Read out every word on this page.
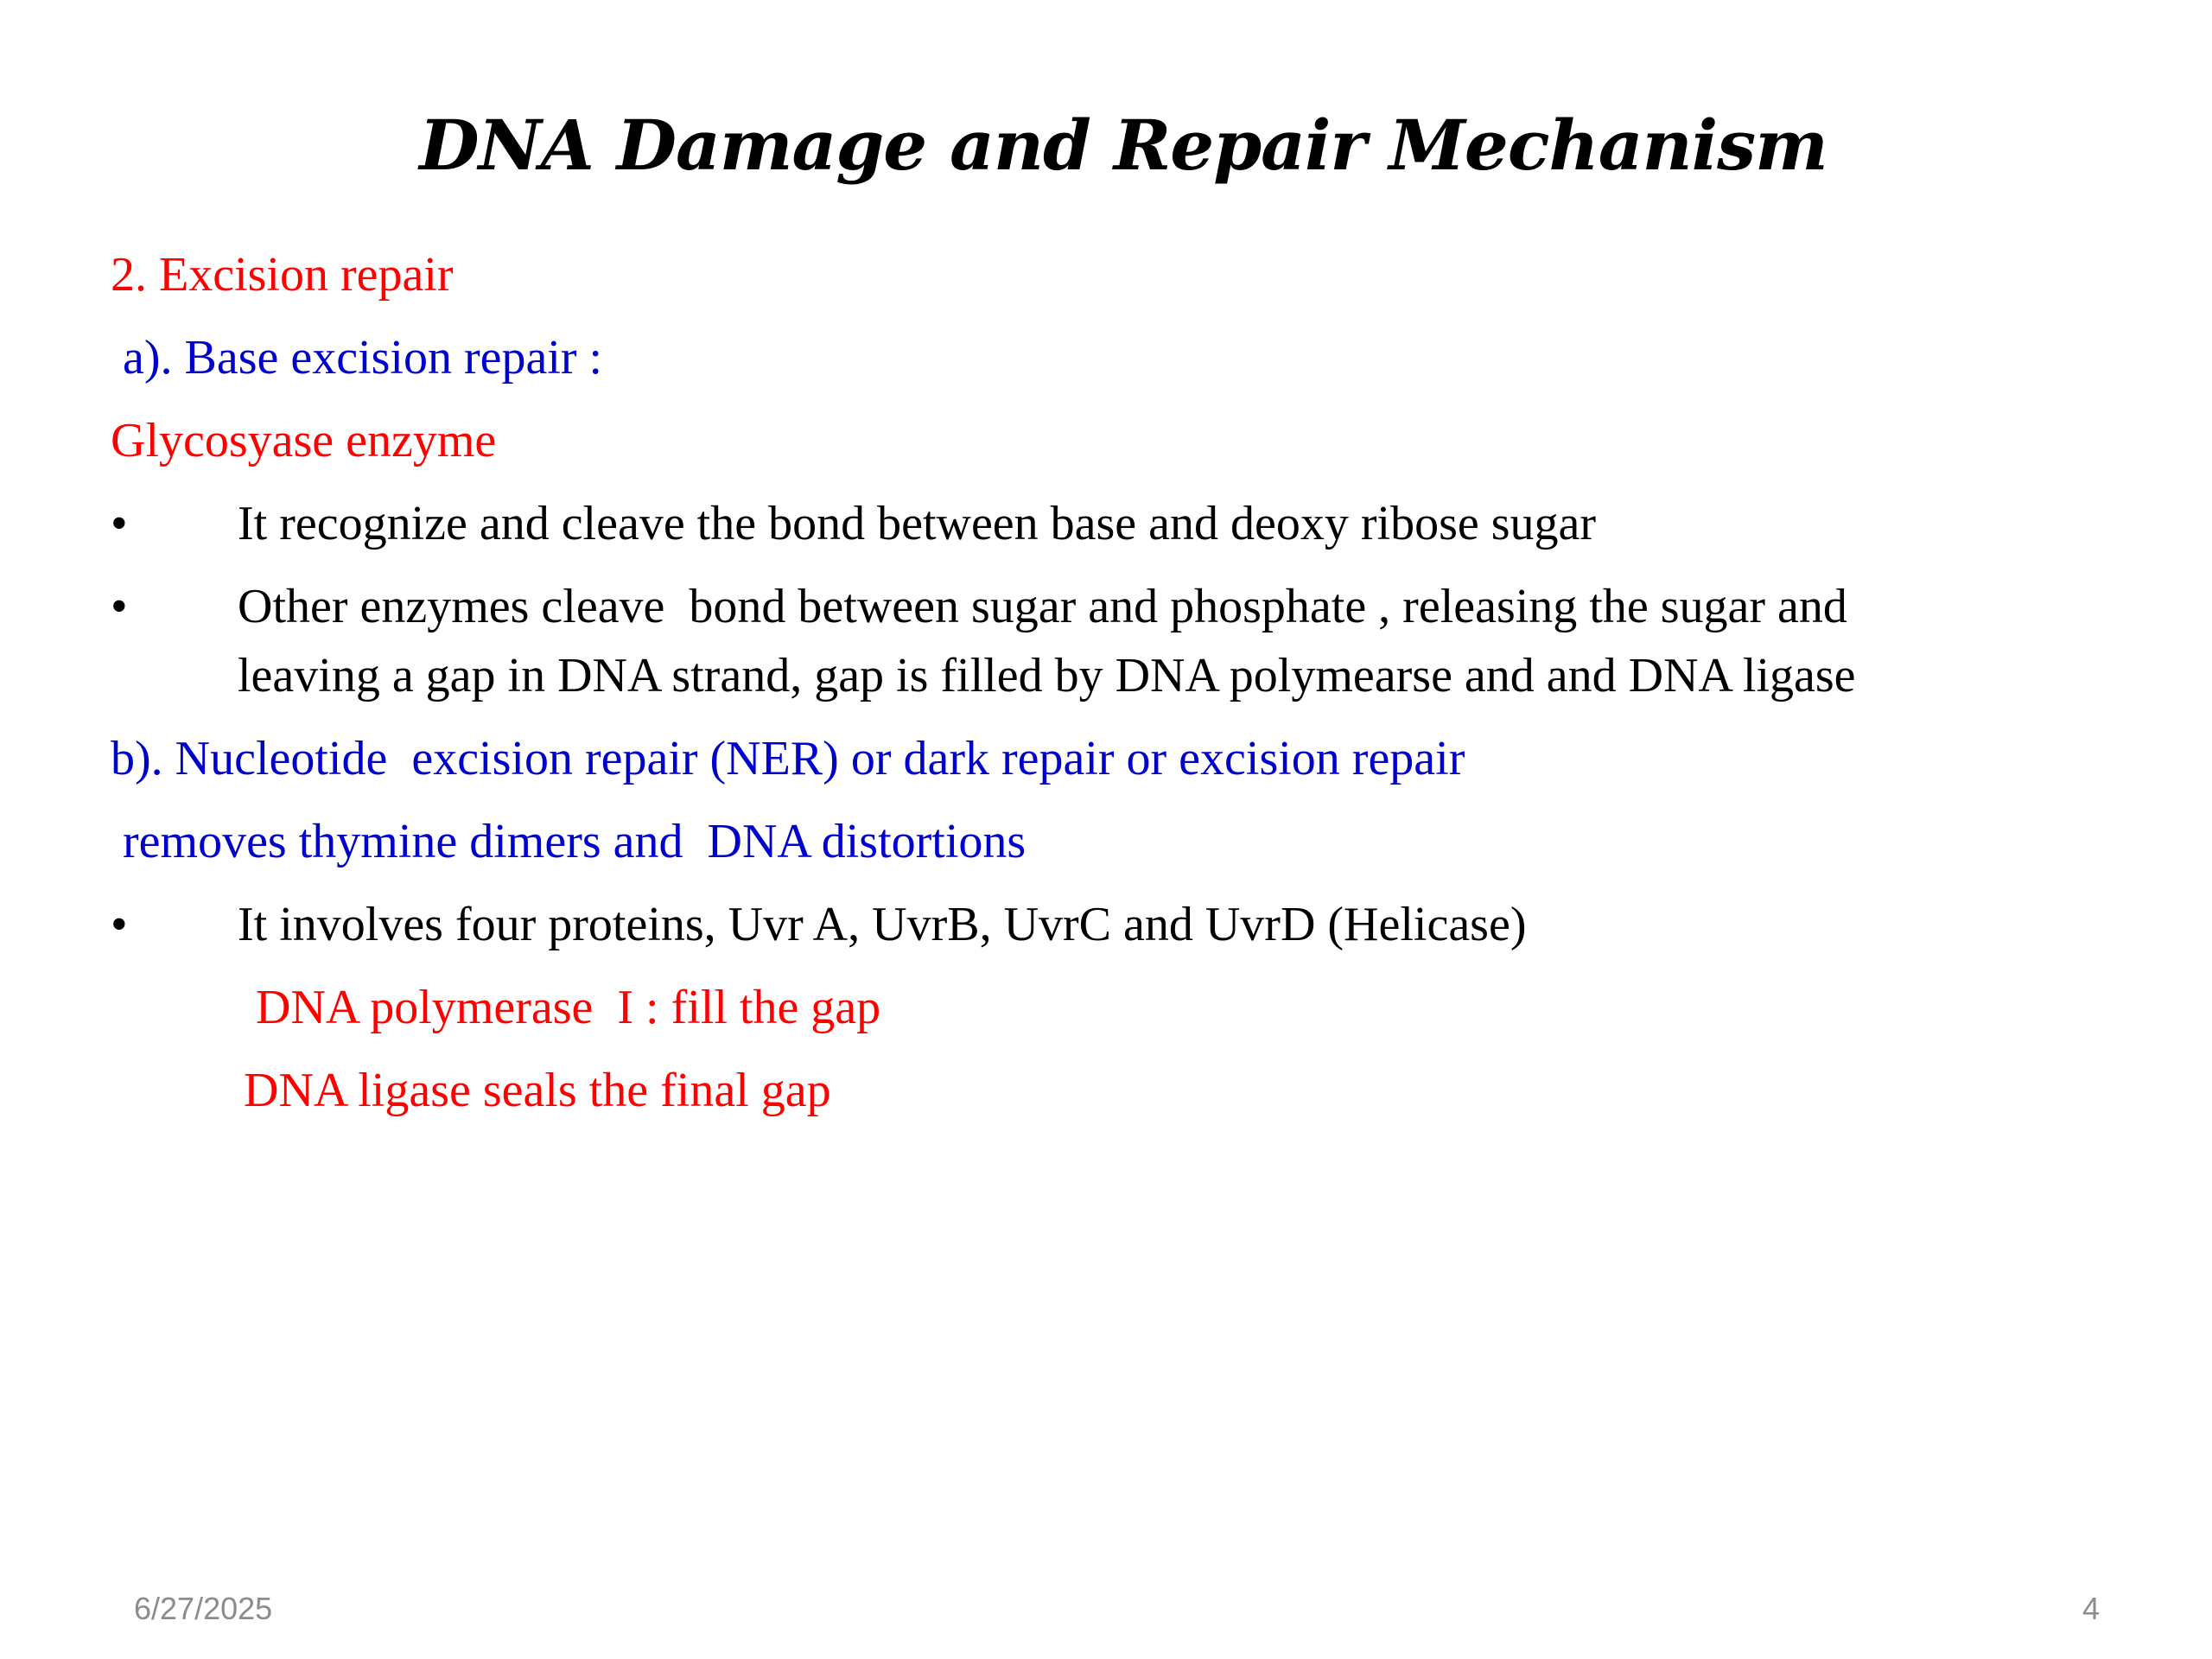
DNA Damage and Repair Mechanism
2. Excision repair
a). Base excision repair :
Glycosyase enzyme
• It recognize and cleave the bond between base and deoxy ribose sugar
• Other enzymes cleave  bond between sugar and phosphate , releasing the sugar and
leaving a gap in DNA strand, gap is filled by DNA polymearse and and DNA ligase
b). Nucleotide  excision repair (NER) or dark repair or excision repair
removes thymine dimers and  DNA distortions
• It involves four proteins, Uvr A, UvrB, UvrC and UvrD (Helicase)
DNA polymerase  I : fill the gap
DNA ligase seals the final gap
6/27/2025	4
